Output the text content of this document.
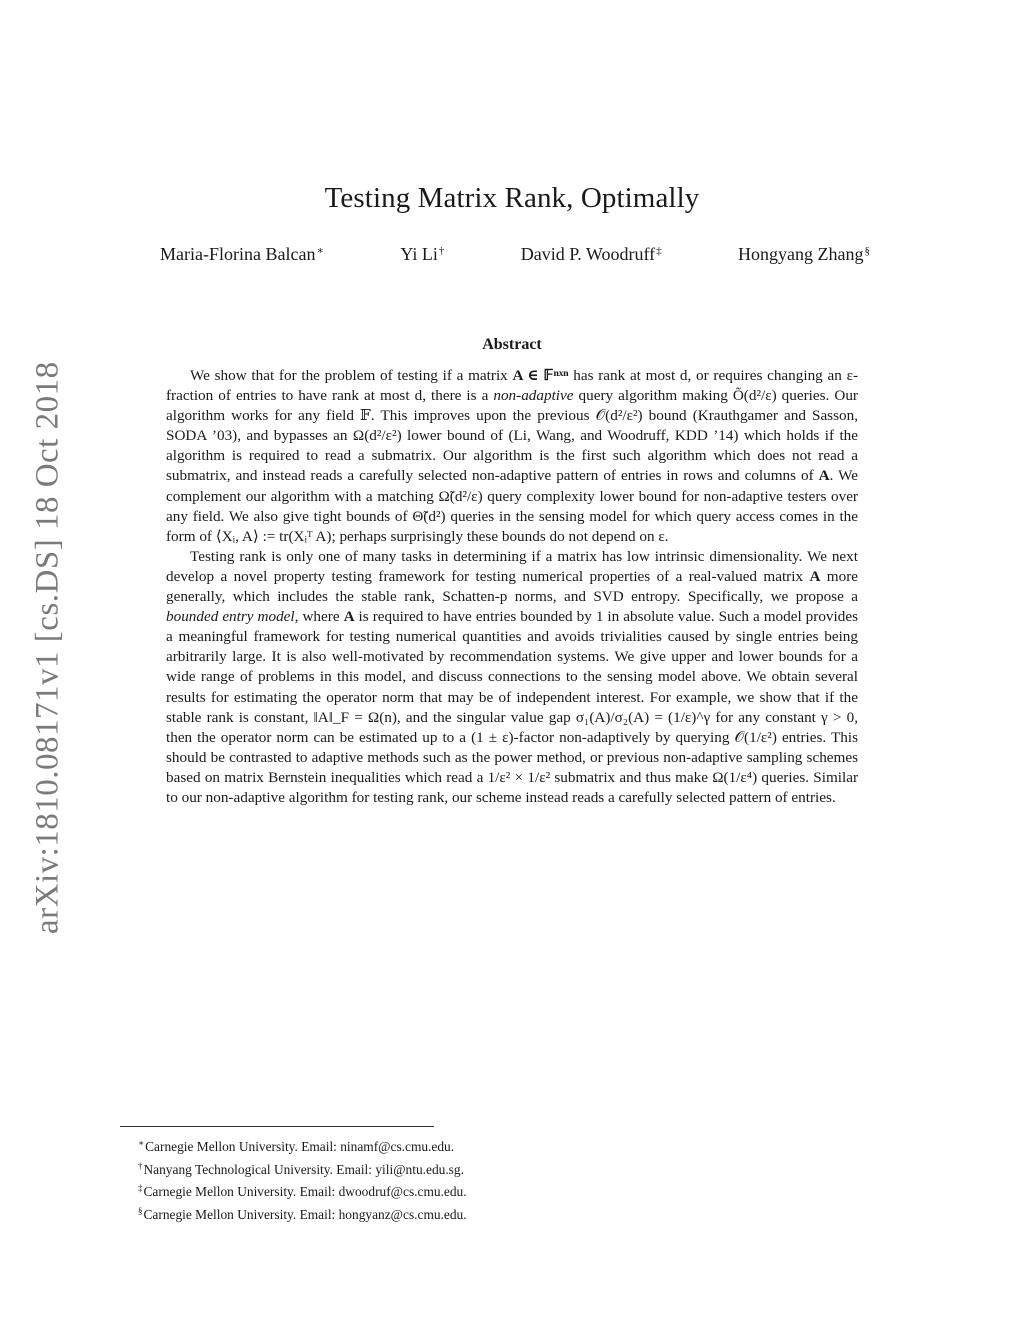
arXiv:1810.08171v1 [cs.DS] 18 Oct 2018
Testing Matrix Rank, Optimally
Maria-Florina Balcan∗	Yi Li†	David P. Woodruff‡	Hongyang Zhang§
Abstract

We show that for the problem of testing if a matrix A ∈ 𝔽ⁿˣⁿ has rank at most d, or requires changing an ε-fraction of entries to have rank at most d, there is a non-adaptive query algorithm making Õ(d²/ε) queries. Our algorithm works for any field 𝔽. This improves upon the previous 𝒪(d²/ε²) bound (Krauthgamer and Sasson, SODA ’03), and bypasses an Ω(d²/ε²) lower bound of (Li, Wang, and Woodruff, KDD ’14) which holds if the algorithm is required to read a submatrix. Our algorithm is the first such algorithm which does not read a submatrix, and instead reads a carefully selected non-adaptive pattern of entries in rows and columns of A. We complement our algorithm with a matching Ω̃(d²/ε) query complexity lower bound for non-adaptive testers over any field. We also give tight bounds of Θ̃(d²) queries in the sensing model for which query access comes in the form of ⟨Xᵢ, A⟩ := tr(Xᵢᵀ A); perhaps surprisingly these bounds do not depend on ε.

Testing rank is only one of many tasks in determining if a matrix has low intrinsic dimensionality. We next develop a novel property testing framework for testing numerical properties of a real-valued matrix A more generally, which includes the stable rank, Schatten-p norms, and SVD entropy. Specifically, we propose a bounded entry model, where A is required to have entries bounded by 1 in absolute value. Such a model provides a meaningful framework for testing numerical quantities and avoids trivialities caused by single entries being arbitrarily large. It is also well-motivated by recommendation systems. We give upper and lower bounds for a wide range of problems in this model, and discuss connections to the sensing model above. We obtain several results for estimating the operator norm that may be of independent interest. For example, we show that if the stable rank is constant, ‖A‖_F = Ω(n), and the singular value gap σ₁(A)/σ₂(A) = (1/ε)^γ for any constant γ > 0, then the operator norm can be estimated up to a (1 ± ε)-factor non-adaptively by querying 𝒪(1/ε²) entries. This should be contrasted to adaptive methods such as the power method, or previous non-adaptive sampling schemes based on matrix Bernstein inequalities which read a 1/ε² × 1/ε² submatrix and thus make Ω(1/ε⁴) queries. Similar to our non-adaptive algorithm for testing rank, our scheme instead reads a carefully selected pattern of entries.

∗Carnegie Mellon University. Email: ninamf@cs.cmu.edu.
†Nanyang Technological University. Email: yili@ntu.edu.sg.
‡Carnegie Mellon University. Email: dwoodruf@cs.cmu.edu.
§Carnegie Mellon University. Email: hongyanz@cs.cmu.edu.
